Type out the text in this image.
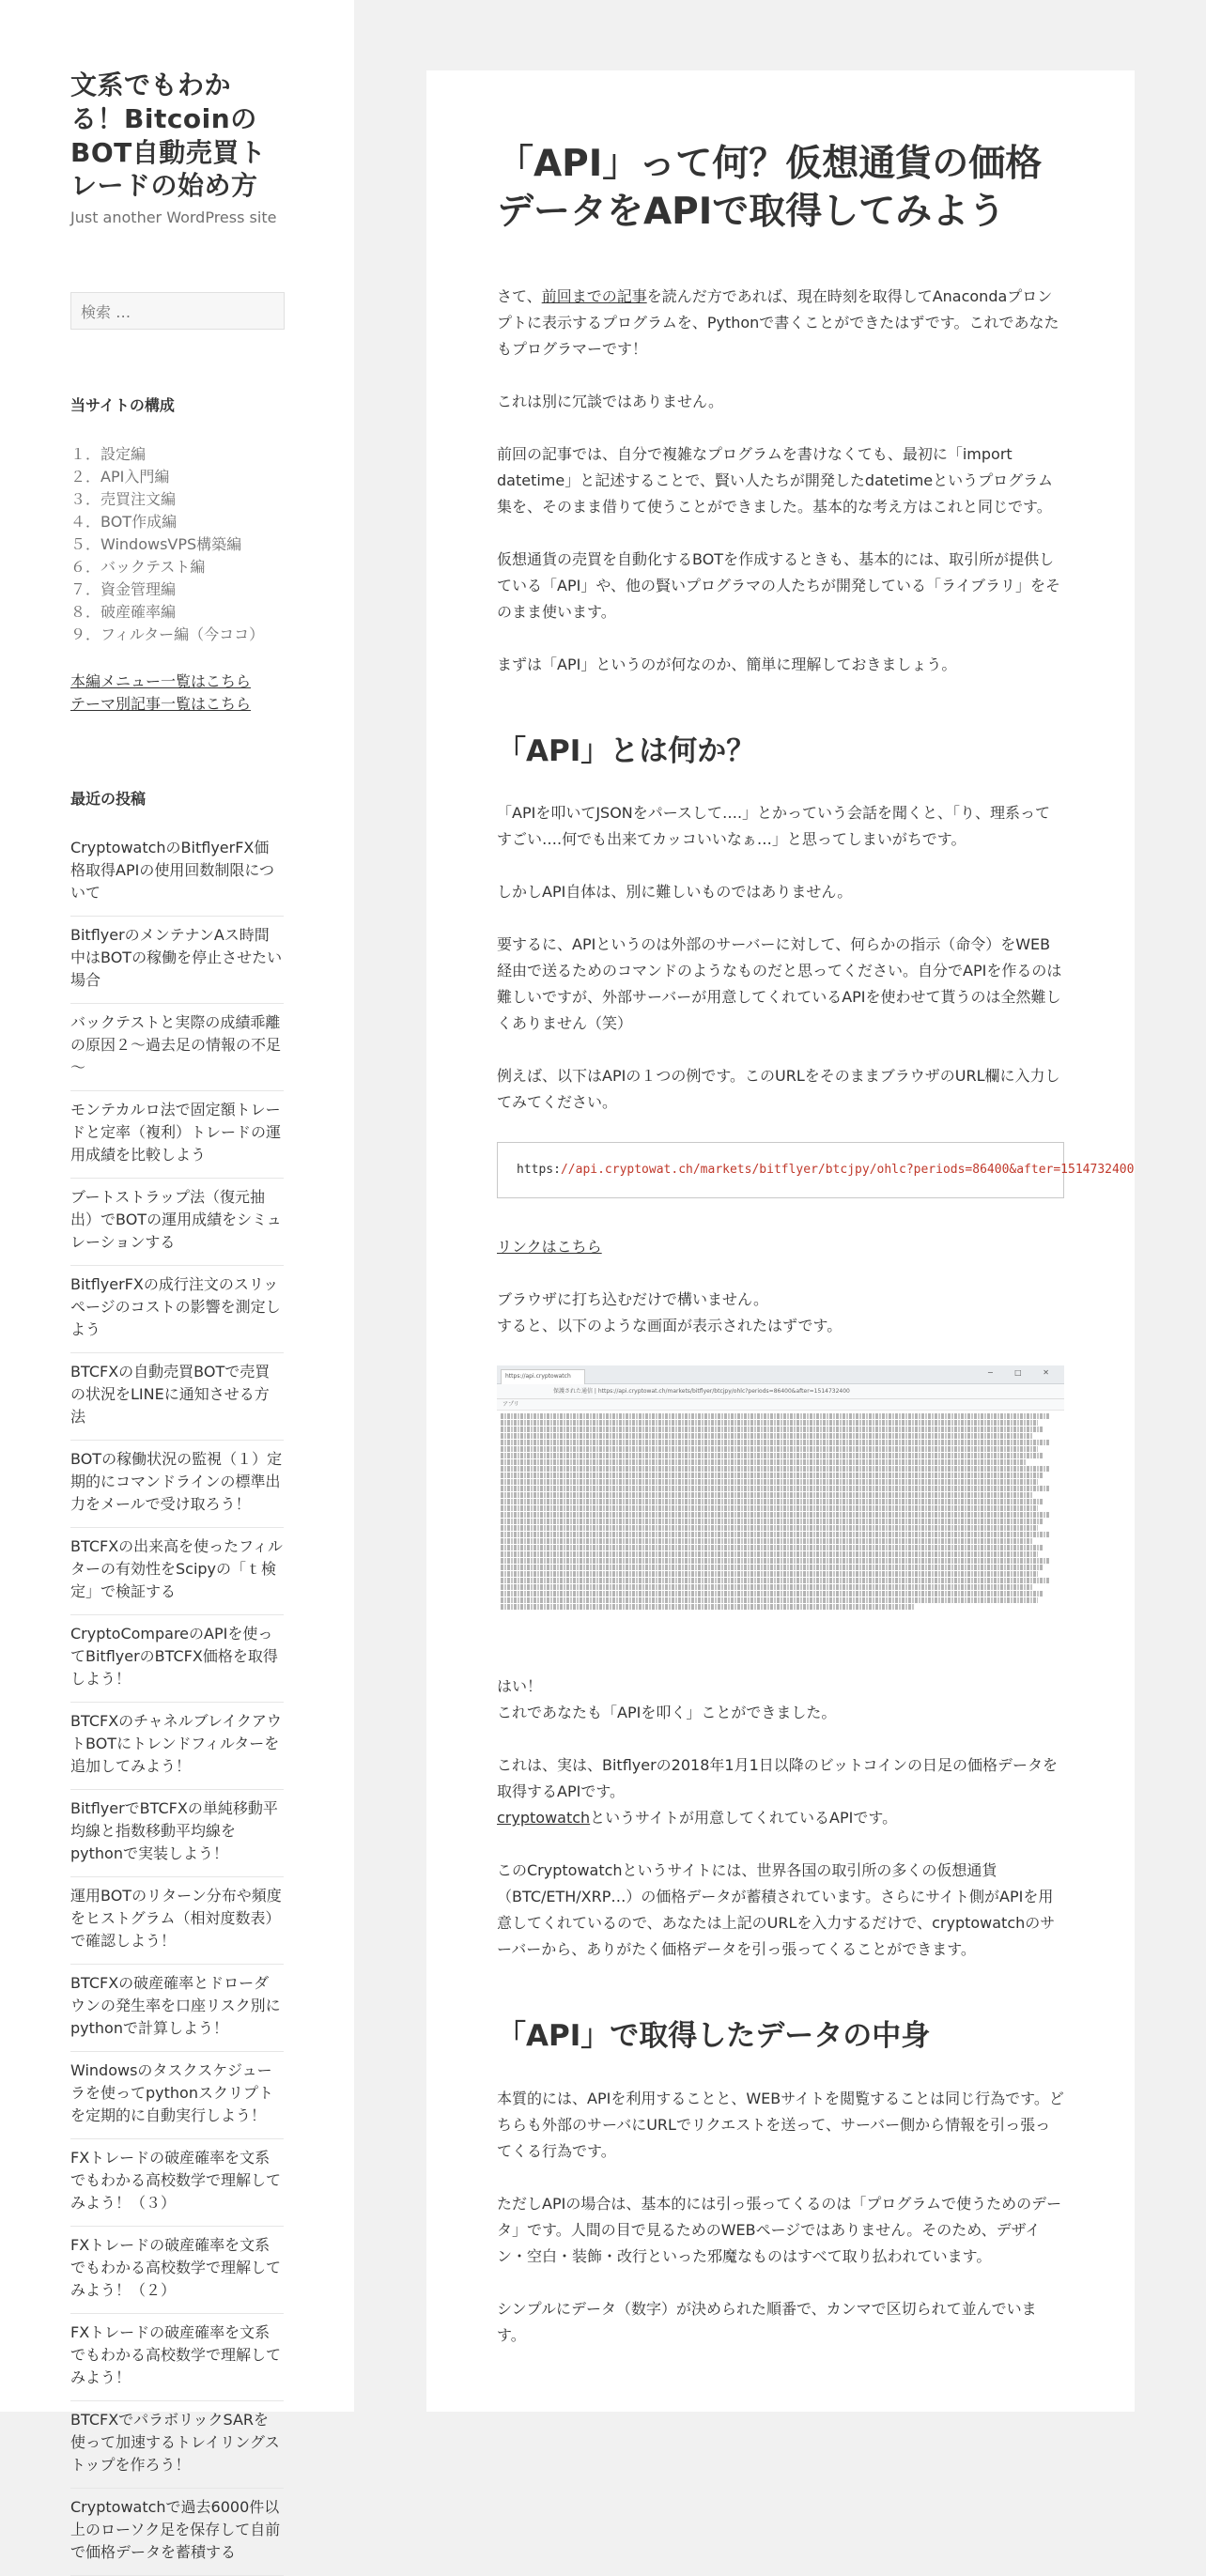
文系でもわかる！BitcoinのBOT自動売買トレードの始め方
Just another WordPress site
検索 …
当サイトの構成
１．設定編
２．API入門編
３．売買注文編
４．BOT作成編
５．WindowsVPS構築編
６．バックテスト編
７．資金管理編
８．破産確率編
９．フィルター編（今ココ）
本編メニュー一覧はこちら
テーマ別記事一覧はこちら
最近の投稿
CryptowatchのBitflyerFX価格取得APIの使用回数制限について
BitflyerのメンテナンAス時間中はBOTの稼働を停止させたい場合
バックテストと実際の成績乖離の原因２～過去足の情報の不足～
モンテカルロ法で固定額トレードと定率（複利）トレードの運用成績を比較しよう
ブートストラップ法（復元抽出）でBOTの運用成績をシミュレーションする
BitflyerFXの成行注文のスリッページのコストの影響を測定しよう
BTCFXの自動売買BOTで売買の状況をLINEに通知させる方法
BOTの稼働状況の監視（１）定期的にコマンドラインの標準出力をメールで受け取ろう！
BTCFXの出来高を使ったフィルターの有効性をScipyの「ｔ検定」で検証する
CryptoCompareのAPIを使ってBitflyerのBTCFX価格を取得しよう！
BTCFXのチャネルブレイクアウトBOTにトレンドフィルターを追加してみよう！
BitflyerでBTCFXの単純移動平均線と指数移動平均線をpythonで実装しよう！
運用BOTのリターン分布や頻度をヒストグラム（相対度数表）で確認しよう！
BTCFXの破産確率とドローダウンの発生率を口座リスク別にpythonで計算しよう！
Windowsのタスクスケジューラを使ってpythonスクリプトを定期的に自動実行しよう！
FXトレードの破産確率を文系でもわかる高校数学で理解してみよう！（３）
FXトレードの破産確率を文系でもわかる高校数学で理解してみよう！（２）
FXトレードの破産確率を文系でもわかる高校数学で理解してみよう！
BTCFXでパラボリックSARを使って加速するトレイリングストップを作ろう！
Cryptowatchで過去6000件以上のローソク足を保存して自前で価格データを蓄積する
「API」って何？仮想通貨の価格データをAPIで取得してみよう

さて、前回までの記事を読んだ方であれば、現在時刻を取得してAnacondaプロンプトに表示するプログラムを、Pythonで書くことができたはずです。これであなたもプログラマーです！

これは別に冗談ではありません。

前回の記事では、自分で複雑なプログラムを書けなくても、最初に「import datetime」と記述することで、賢い人たちが開発したdatetimeというプログラム集を、そのまま借りて使うことができました。基本的な考え方はこれと同じです。

仮想通貨の売買を自動化するBOTを作成するときも、基本的には、取引所が提供している「API」や、他の賢いプログラマの人たちが開発している「ライブラリ」をそのまま使います。

まずは「API」というのが何なのか、簡単に理解しておきましょう。

「API」とは何か？

「APIを叩いてJSONをパースして….」とかっていう会話を聞くと、「り、理系ってすごい….何でも出来てカッコいいなぁ…」と思ってしまいがちです。

しかしAPI自体は、別に難しいものではありません。

要するに、APIというのは外部のサーバーに対して、何らかの指示（命令）をWEB経由で送るためのコマンドのようなものだと思ってください。自分でAPIを作るのは難しいですが、外部サーバーが用意してくれているAPIを使わせて貰うのは全然難しくありません（笑）

例えば、以下はAPIの１つの例です。このURLをそのままブラウザのURL欄に入力してみてください。

https://api.cryptowat.ch/markets/bitflyer/btcjpy/ohlc?periods=86400&after=1514732400

リンクはこちら

ブラウザに打ち込むだけで構いません。
すると、以下のような画面が表示されたはずです。

https://api.cryptowatch	− □ ✕
保護された通信 | https://api.cryptowat.ch/markets/bitflyer/btcjpy/ohlc?periods=86400&after=1514732400
アプリ

はい！
これであなたも「APIを叩く」ことができました。

これは、実は、Bitflyerの2018年1月1日以降のビットコインの日足の価格データを取得するAPIです。
cryptowatchというサイトが用意してくれているAPIです。

このCryptowatchというサイトには、世界各国の取引所の多くの仮想通貨（BTC/ETH/XRP…）の価格データが蓄積されています。さらにサイト側がAPIを用意してくれているので、あなたは上記のURLを入力するだけで、cryptowatchのサーバーから、ありがたく価格データを引っ張ってくることができます。

「API」で取得したデータの中身

本質的には、APIを利用することと、WEBサイトを閲覧することは同じ行為です。どちらも外部のサーバにURLでリクエストを送って、サーバー側から情報を引っ張ってくる行為です。

ただしAPIの場合は、基本的には引っ張ってくるのは「プログラムで使うためのデータ」です。人間の目で見るためのWEBページではありません。そのため、デザイン・空白・装飾・改行といった邪魔なものはすべて取り払われています。

シンプルにデータ（数字）が決められた順番で、カンマで区切られて並んでいます。
